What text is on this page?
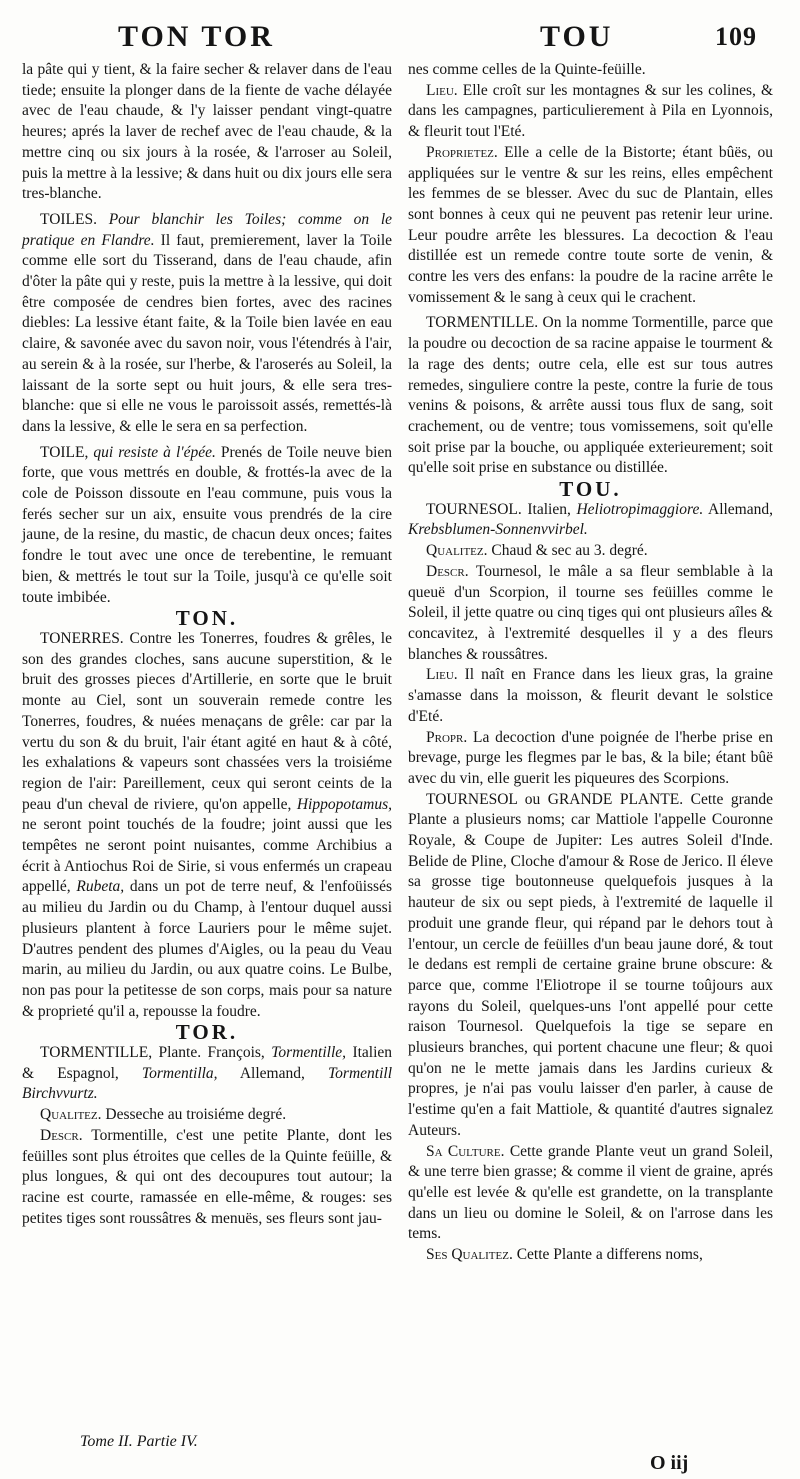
TON TOR	TOU	109

la pâte qui y tient, & la faire secher & relaver dans de l'eau tiede; ensuite la plonger dans de la fiente de vache délayée avec de l'eau chaude, & l'y laisser pendant vingt-quatre heures; aprés la laver de rechef avec de l'eau chaude, & la mettre cinq ou six jours à la rosée, & l'arroser au Soleil, puis la mettre à la lessive; & dans huit ou dix jours elle sera tres-blanche.

TOILES. Pour blanchir les Toiles; comme on le pratique en Flandre. Il faut, premierement, laver la Toile comme elle sort du Tisserand, dans de l'eau chaude, afin d'ôter la pâte qui y reste, puis la mettre à la lessive, qui doit être composée de cendres bien fortes, avec des racines diebles: La lessive étant faite, & la Toile bien lavée en eau claire, & savonée avec du savon noir, vous l'étendrés à l'air, au serein & à la rosée, sur l'herbe, & l'aroserés au Soleil, la laissant de la sorte sept ou huit jours, & elle sera tres-blanche: que si elle ne vous le paroissoit assés, remettés-là dans la lessive, & elle le sera en sa perfection.

TOILE, qui resiste à l'épée. Prenés de Toile neuve bien forte, que vous mettrés en double, & frottés-la avec de la cole de Poisson dissoute en l'eau commune, puis vous la ferés secher sur un aix, ensuite vous prendrés de la cire jaune, de la resine, du mastic, de chacun deux onces; faites fondre le tout avec une once de terebentine, le remuant bien, & mettrés le tout sur la Toile, jusqu'à ce qu'elle soit toute imbibée.

TON.

TONERRES. Contre les Tonerres, foudres & grêles, le son des grandes cloches, sans aucune superstition, & le bruit des grosses pieces d'Artillerie, en sorte que le bruit monte au Ciel, sont un souverain remede contre les Tonerres, foudres, & nuées menaçans de grêle: car par la vertu du son & du bruit, l'air étant agité en haut & à côté, les exhalations & vapeurs sont chassées vers la troisiéme region de l'air: Pareillement, ceux qui seront ceints de la peau d'un cheval de riviere, qu'on appelle, Hippopotamus, ne seront point touchés de la foudre; joint aussi que les tempêtes ne seront point nuisantes, comme Archibius a écrit à Antiochus Roi de Sirie, si vous enfermés un crapeau appellé, Rubeta, dans un pot de terre neuf, & l'enfoüissés au milieu du Jardin ou du Champ, à l'entour duquel aussi plusieurs plantent à force Lauriers pour le même sujet. D'autres pendent des plumes d'Aigles, ou la peau du Veau marin, au milieu du Jardin, ou aux quatre coins. Le Bulbe, non pas pour la petitesse de son corps, mais pour sa nature & proprieté qu'il a, repousse la foudre.

TOR.

TORMENTILLE, Plante. François, Tormentille, Italien & Espagnol, Tormentilla, Allemand, Tormentill Birchvvurtz.

Qualitez. Desseche au troisiéme degré.

Descr. Tormentille, c'est une petite Plante, dont les feüilles sont plus étroites que celles de la Quinte feüille, & plus longues, & qui ont des decoupures tout autour; la racine est courte, ramassée en elle-même, & rouges: ses petites tiges sont roussâtres & menuës, ses fleurs sont jau-

nes comme celles de la Quinte-feüille.

Lieu. Elle croît sur les montagnes & sur les colines, & dans les campagnes, particulierement à Pila en Lyonnois, & fleurit tout l'Eté.

Proprietez. Elle a celle de la Bistorte; étant bûës, ou appliquées sur le ventre & sur les reins, elles empêchent les femmes de se blesser. Avec du suc de Plantain, elles sont bonnes à ceux qui ne peuvent pas retenir leur urine. Leur poudre arrête les blessures. La decoction & l'eau distillée est un remede contre toute sorte de venin, & contre les vers des enfans: la poudre de la racine arrête le vomissement & le sang à ceux qui le crachent.

TORMENTILLE. On la nomme Tormentille, parce que la poudre ou decoction de sa racine appaise le tourment & la rage des dents; outre cela, elle est sur tous autres remedes, singuliere contre la peste, contre la furie de tous venins & poisons, & arrête aussi tous flux de sang, soit crachement, ou de ventre; tous vomissemens, soit qu'elle soit prise par la bouche, ou appliquée exterieurement; soit qu'elle soit prise en substance ou distillée.

TOU.

TOURNESOL. Italien, Heliotropimaggiore. Allemand, Krebsblumen-Sonnenvvirbel.

Qualitez. Chaud & sec au 3. degré.

Descr. Tournesol, le mâle a sa fleur semblable à la queuë d'un Scorpion, il tourne ses feüilles comme le Soleil, il jette quatre ou cinq tiges qui ont plusieurs aîles & concavitez, à l'extremité desquelles il y a des fleurs blanches & roussâtres.

Lieu. Il naît en France dans les lieux gras, la graine s'amasse dans la moisson, & fleurit devant le solstice d'Eté.

Propr. La decoction d'une poignée de l'herbe prise en brevage, purge les flegmes par le bas, & la bile; étant bûë avec du vin, elle guerit les piqueures des Scorpions.

TOURNESOL ou GRANDE PLANTE. Cette grande Plante a plusieurs noms; car Mattiole l'appelle Couronne Royale, & Coupe de Jupiter: Les autres Soleil d'Inde. Belide de Pline, Cloche d'amour & Rose de Jerico. Il éleve sa grosse tige boutonneuse quelquefois jusques à la hauteur de six ou sept pieds, à l'extremité de laquelle il produit une grande fleur, qui répand par le dehors tout à l'entour, un cercle de feüilles d'un beau jaune doré, & tout le dedans est rempli de certaine graine brune obscure: & parce que, comme l'Eliotrope il se tourne toûjours aux rayons du Soleil, quelques-uns l'ont appellé pour cette raison Tournesol. Quelquefois la tige se separe en plusieurs branches, qui portent chacune une fleur; & quoi qu'on ne le mette jamais dans les Jardins curieux & propres, je n'ai pas voulu laisser d'en parler, à cause de l'estime qu'en a fait Mattiole, & quantité d'autres signalez Auteurs.

Sa Culture. Cette grande Plante veut un grand Soleil, & une terre bien grasse; & comme il vient de graine, aprés qu'elle est levée & qu'elle est grandette, on la transplante dans un lieu ou domine le Soleil, & on l'arrose dans les tems.

Ses Qualitez. Cette Plante a differens noms,

Tome II. Partie IV.
O iij
